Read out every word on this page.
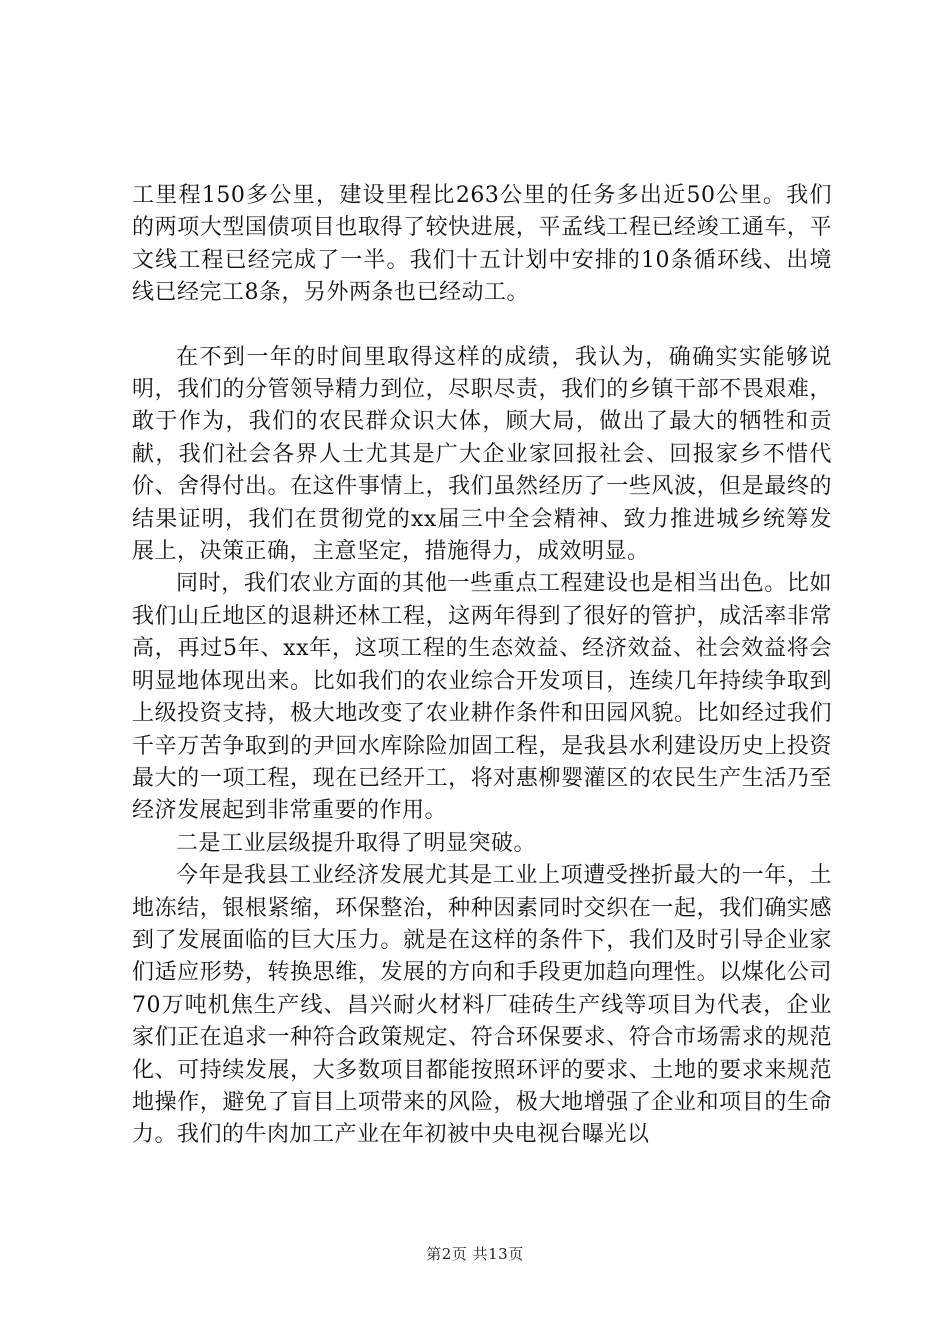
工里程150多公里，建设里程比263公里的任务多出近50公里。我们的两项大型国债项目也取得了较快进展，平孟线工程已经竣工通车，平文线工程已经完成了一半。我们十五计划中安排的10条循环线、出境线已经完工8条，另外两条也已经动工。

在不到一年的时间里取得这样的成绩，我认为，确确实实能够说明，我们的分管领导精力到位，尽职尽责，我们的乡镇干部不畏艰难，敢于作为，我们的农民群众识大体，顾大局，做出了最大的牺牲和贡献，我们社会各界人士尤其是广大企业家回报社会、回报家乡不惜代价、舍得付出。在这件事情上，我们虽然经历了一些风波，但是最终的结果证明，我们在贯彻党的xx届三中全会精神、致力推进城乡统筹发展上，决策正确，主意坚定，措施得力，成效明显。

同时，我们农业方面的其他一些重点工程建设也是相当出色。比如我们山丘地区的退耕还林工程，这两年得到了很好的管护，成活率非常高，再过5年、xx年，这项工程的生态效益、经济效益、社会效益将会明显地体现出来。比如我们的农业综合开发项目，连续几年持续争取到上级投资支持，极大地改变了农业耕作条件和田园风貌。比如经过我们千辛万苦争取到的尹回水库除险加固工程，是我县水利建设历史上投资最大的一项工程，现在已经开工，将对惠柳婴灌区的农民生产生活乃至经济发展起到非常重要的作用。

二是工业层级提升取得了明显突破。

今年是我县工业经济发展尤其是工业上项遭受挫折最大的一年，土地冻结，银根紧缩，环保整治，种种因素同时交织在一起，我们确实感到了发展面临的巨大压力。就是在这样的条件下，我们及时引导企业家们适应形势，转换思维，发展的方向和手段更加趋向理性。以煤化公司70万吨机焦生产线、昌兴耐火材料厂硅砖生产线等项目为代表，企业家们正在追求一种符合政策规定、符合环保要求、符合市场需求的规范化、可持续发展，大多数项目都能按照环评的要求、土地的要求来规范地操作，避免了盲目上项带来的风险，极大地增强了企业和项目的生命力。我们的牛肉加工产业在年初被中央电视台曝光以

第2页 共13页
